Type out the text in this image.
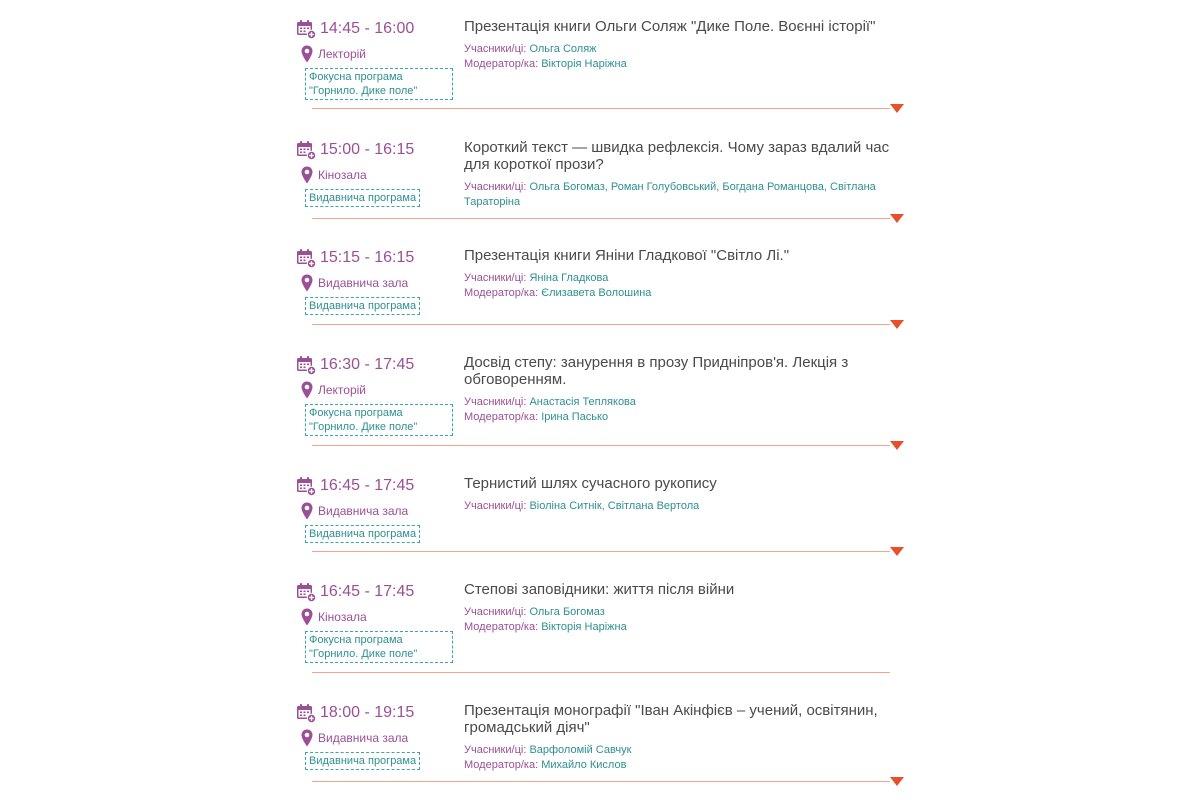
14:45 - 16:00
Лекторій
Фокусна програма "Горнило. Дике поле"

Презентація книги Ольги Соляж "Дике Поле. Воєнні історії"

Учасники/ці: Ольга Соляж
Модератор/ка: Вікторія Наріжна
15:00 - 16:15
Кінозала
Видавнича програма

Короткий текст — швидка рефлексія. Чому зараз вдалий час для короткої прози?

Учасники/ці: Ольга Богомаз, Роман Голубовський, Богдана Романцова, Світлана Тараторіна
15:15 - 16:15
Видавнича зала
Видавнича програма

Презентація книги Яніни Гладкової "Світло Лі."

Учасники/ці: Яніна Гладкова
Модератор/ка: Єлизавета Волошина
16:30 - 17:45
Лекторій
Фокусна програма "Горнило. Дике поле"

Досвід степу: занурення в прозу Придніпров'я. Лекція з обговоренням.

Учасники/ці: Анастасія Теплякова
Модератор/ка: Ірина Пасько
16:45 - 17:45
Видавнича зала
Видавнича програма

Тернистий шлях сучасного рукопису

Учасники/ці: Віоліна Ситнік, Світлана Вертола
16:45 - 17:45
Кінозала
Фокусна програма "Горнило. Дике поле"

Степові заповідники: життя після війни

Учасники/ці: Ольга Богомаз
Модератор/ка: Вікторія Наріжна
18:00 - 19:15
Видавнича зала
Видавнича програма

Презентація монографії "Іван Акінфієв – учений, освітянин, громадський діяч"

Учасники/ці: Варфоломій Савчук
Модератор/ка: Михайло Кислов
